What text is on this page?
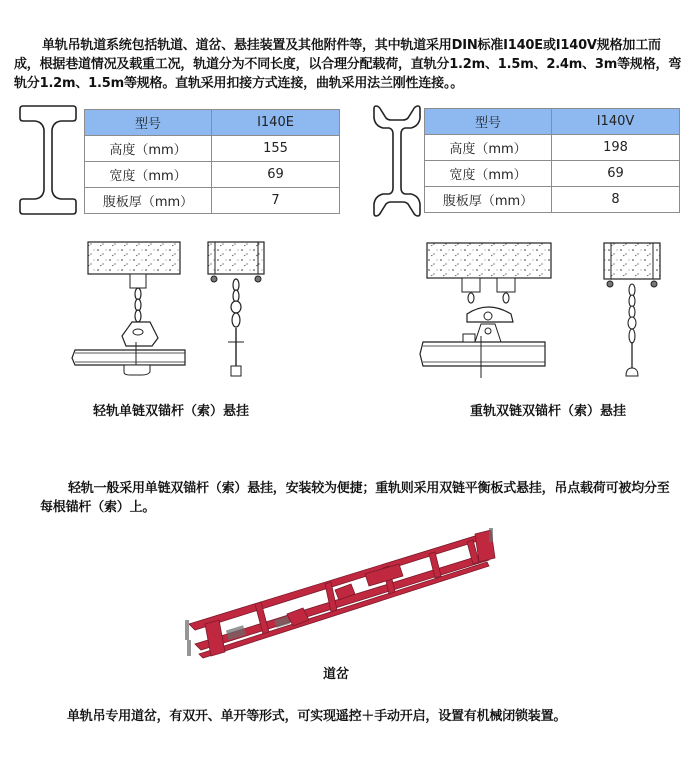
单轨吊轨道系统包括轨道、道岔、悬挂装置及其他附件等，其中轨道采用DIN标准I140E或I140V规格加工而成，根据巷道情况及载重工况，轨道分为不同长度，以合理分配载荷，直轨分1.2m、1.5m、2.4m、3m等规格，弯轨分1.2m、1.5m等规格。直轨采用扣接方式连接，曲轨采用法兰刚性连接。。
型号	I140E
高度（mm）	155
宽度（mm）	69
腹板厚（mm）	7
型号	I140V
高度（mm）	198
宽度（mm）	69
腹板厚（mm）	8
轻轨单链双锚杆（索）悬挂	重轨双链双锚杆（索）悬挂
轻轨一般采用单链双锚杆（索）悬挂，安装较为便捷；重轨则采用双链平衡板式悬挂，吊点载荷可被均分至每根锚杆（索）上。
道岔
单轨吊专用道岔，有双开、单开等形式，可实现遥控＋手动开启，设置有机械闭锁装置。
